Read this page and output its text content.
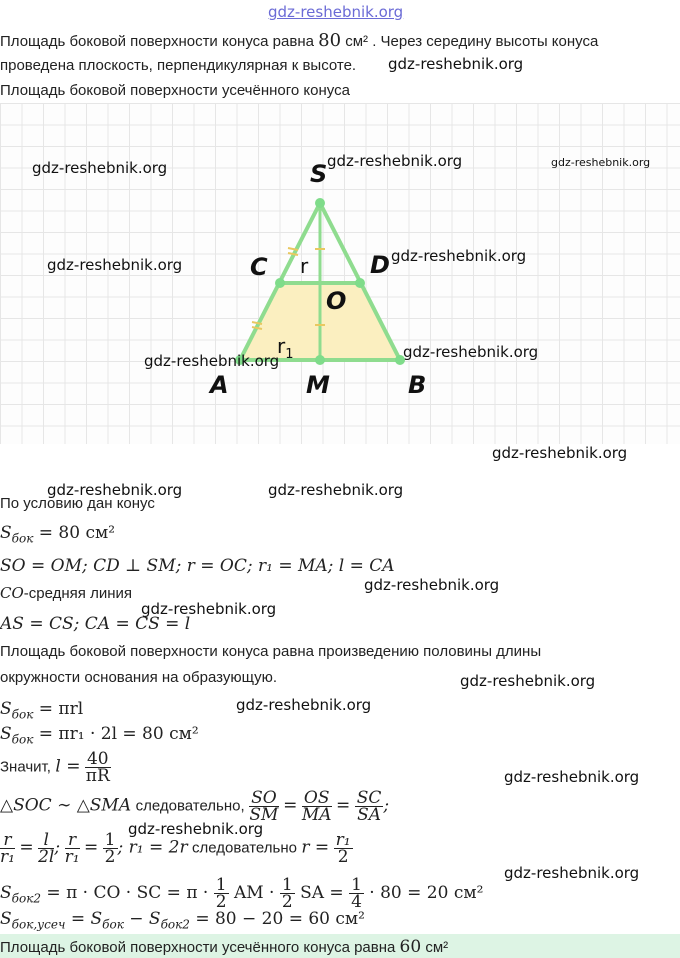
gdz-reshebnik.org
Площадь боковой поверхности конуса равна 80 см² . Через середину высоты конуса
проведена плоскость, перпендикулярная к высоте. gdz-reshebnik.org
Площадь боковой поверхности усечённого конуса
S
C	D
O
A	M	B
r
$r_1$
gdz-reshebnik.org	gdz-reshebnik.org	gdz-reshebnik.org
gdz-reshebnik.org	gdz-reshebnik.org
gdz-reshebnik.org	gdz-reshebnik.org
gdz-reshebnik.org
gdz-reshebnik.org	gdz-reshebnik.org
По условию дан конус
$S_{бок} = 80$ см²
SO = OM; CD ⊥ SM; r = OC; r₁ = MA; l = CA
CO-средняя линия	gdz-reshebnik.org
gdz-reshebnik.org
AS = CS; CA = CS = l
Площадь боковой поверхности конуса равна произведению половины длины
окружности основания на образующую.	gdz-reshebnik.org
gdz-reshebnik.org
$S_{бок} = \pi rl$
$S_{бок} = \pi r_1 \cdot 2l = 80$ см²
Значит, $l = \frac{40}{\pi R}$	gdz-reshebnik.org
△SOC ∼ △SMA следовательно, $\frac{SO}{SM} = \frac{OS}{MA} = \frac{SC}{SA}$ ;
gdz-reshebnik.org
$\frac{r}{\text{r₁}} = \frac{l}{2l}$ ; $\frac{r}{\text{r₁}} = \frac{1}{2}$ ; r₁ = 2r следовательно $r = \frac{\text{r₁}}{2}$
gdz-reshebnik.org
$S_{бок2} = \pi$ · CO · SC = $\pi \cdot \frac{1}{2}$ AM · $\frac{1}{2}$ SA = $\frac{1}{4} \cdot 80 = 20$ см²
$S_{бок,усеч} = S_{бок} - S_{бок2} = 80 - 20 = 60$ см²
Площадь боковой поверхности усечённого конуса равна 60 см²
